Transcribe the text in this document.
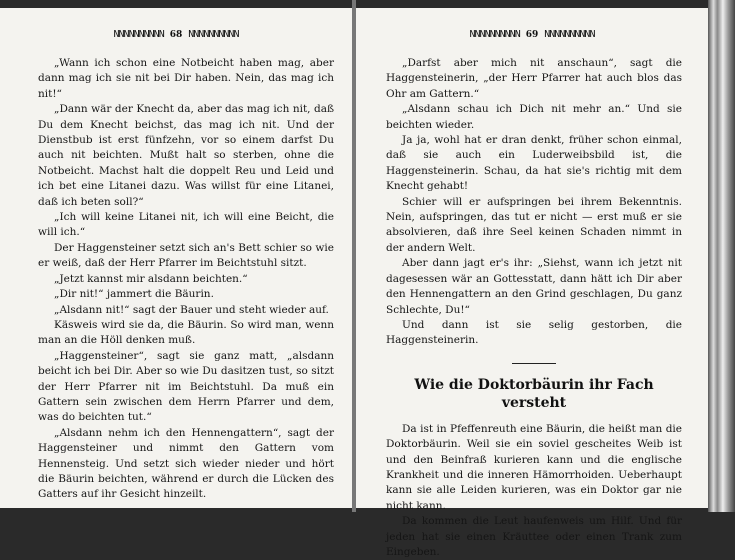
NNNNNNNNNN 68 NNNNNNNNNN

„Wann ich schon eine Notbeicht haben mag, aber dann mag ich sie nit bei Dir haben. Nein, das mag ich nit!“

„Dann wär der Knecht da, aber das mag ich nit, daß Du dem Knecht beichst, das mag ich nit. Und der Dienstbub ist erst fünfzehn, vor so einem darfst Du auch nit beichten. Mußt halt so sterben, ohne die Notbeicht. Machst halt die doppelt Reu und Leid und ich bet eine Litanei dazu. Was willst für eine Litanei, daß ich beten soll?“

„Ich will keine Litanei nit, ich will eine Beicht, die will ich.“

Der Haggensteiner setzt sich an's Bett schier so wie er weiß, daß der Herr Pfarrer im Beichtstuhl sitzt.

„Jetzt kannst mir alsdann beichten.“

„Dir nit!“ jammert die Bäurin.

„Alsdann nit!“ sagt der Bauer und steht wieder auf.

Käsweis wird sie da, die Bäurin. So wird man, wenn man an die Höll denken muß.

„Haggensteiner“, sagt sie ganz matt, „alsdann beicht ich bei Dir. Aber so wie Du dasitzen tust, so sitzt der Herr Pfarrer nit im Beichtstuhl. Da muß ein Gattern sein zwischen dem Herrn Pfarrer und dem, was do beichten tut.“

„Alsdann nehm ich den Hennengattern“, sagt der Haggensteiner und nimmt den Gattern vom Hennensteig. Und setzt sich wieder nieder und hört die Bäurin beichten, während er durch die Lücken des Gatters auf ihr Gesicht hinzeilt.

NNNNNNNNNN 69 NNNNNNNNNN

„Darfst aber mich nit anschaun“, sagt die Haggensteinerin, „der Herr Pfarrer hat auch blos das Ohr am Gattern.“

„Alsdann schau ich Dich nit mehr an.“ Und sie beichten wieder.

Ja ja, wohl hat er dran denkt, früher schon einmal, daß sie auch ein Luderweibsbild ist, die Haggensteinerin. Schau, da hat sie's richtig mit dem Knecht gehabt!

Schier will er aufspringen bei ihrem Bekenntnis. Nein, aufspringen, das tut er nicht — erst muß er sie absolvieren, daß ihre Seel keinen Schaden nimmt in der andern Welt.

Aber dann jagt er's ihr: „Siehst, wann ich jetzt nit dagesessen wär an Gottesstatt, dann hätt ich Dir aber den Hennengattern an den Grind geschlagen, Du ganz Schlechte, Du!“

Und dann ist sie selig gestorben, die Haggensteinerin.

Wie die Doktorbäurin ihr Fach versteht

Da ist in Pfeffenreuth eine Bäurin, die heißt man die Doktorbäurin. Weil sie ein soviel gescheites Weib ist und den Beinfraß kurieren kann und die englische Krankheit und die inneren Hämorrhoiden. Ueberhaupt kann sie alle Leiden kurieren, was ein Doktor gar nie nicht kann.

Da kommen die Leut haufenweis um Hilf. Und für jeden hat sie einen Kräuttee oder einen Trank zum Eingeben.
